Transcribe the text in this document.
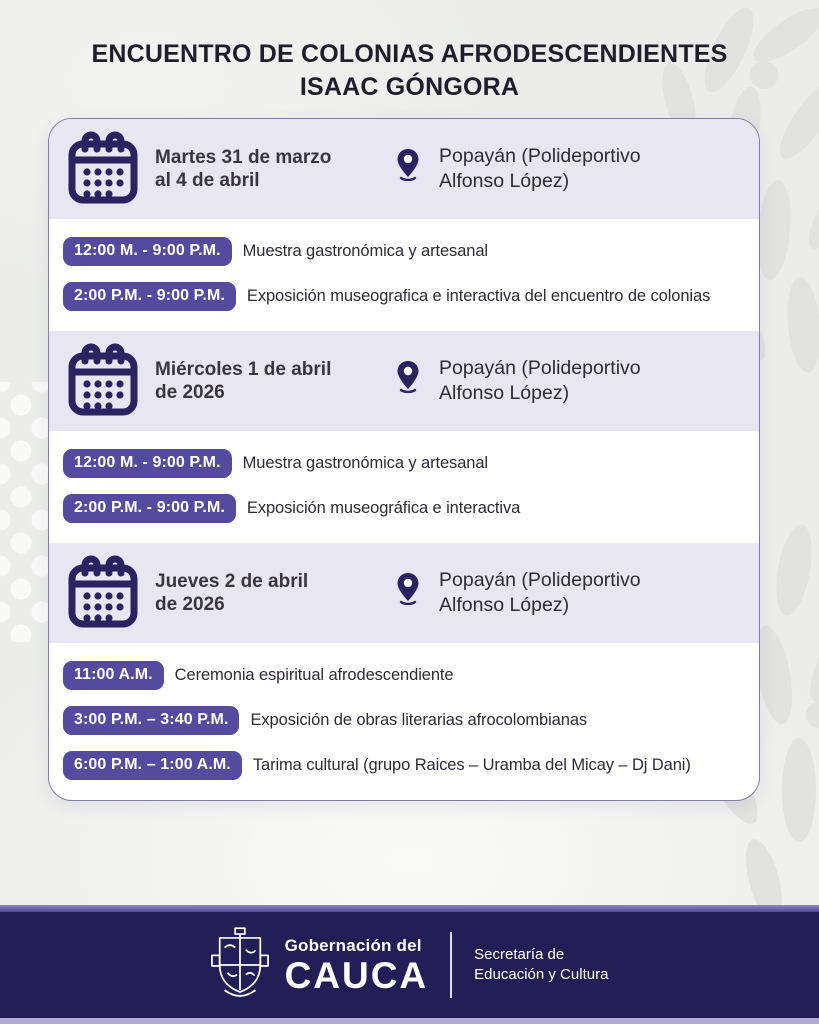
ENCUENTRO DE COLONIAS AFRODESCENDIENTES
ISAAC GÓNGORA
Martes 31 de marzo
al 4 de abril
Popayán (Polideportivo
Alfonso López)
12:00 M. - 9:00 P.M.	Muestra gastronómica y artesanal
2:00 P.M. - 9:00 P.M.	Exposición museografica e interactiva del encuentro de colonias
Miércoles 1 de abril
de 2026
Popayán (Polideportivo
Alfonso López)
12:00 M. - 9:00 P.M.	Muestra gastronómica y artesanal
2:00 P.M. - 9:00 P.M.	Exposición museográfica e interactiva
Jueves 2 de abril
de 2026
Popayán (Polideportivo
Alfonso López)
11:00 A.M.	Ceremonia espiritual afrodescendiente
3:00 P.M. – 3:40 P.M.	Exposición de obras literarias afrocolombianas
6:00 P.M. – 1:00 A.M.	Tarima cultural (grupo Raices – Uramba del Micay – Dj Dani)
Gobernación del
CAUCA
Secretaría de
Educación y Cultura
